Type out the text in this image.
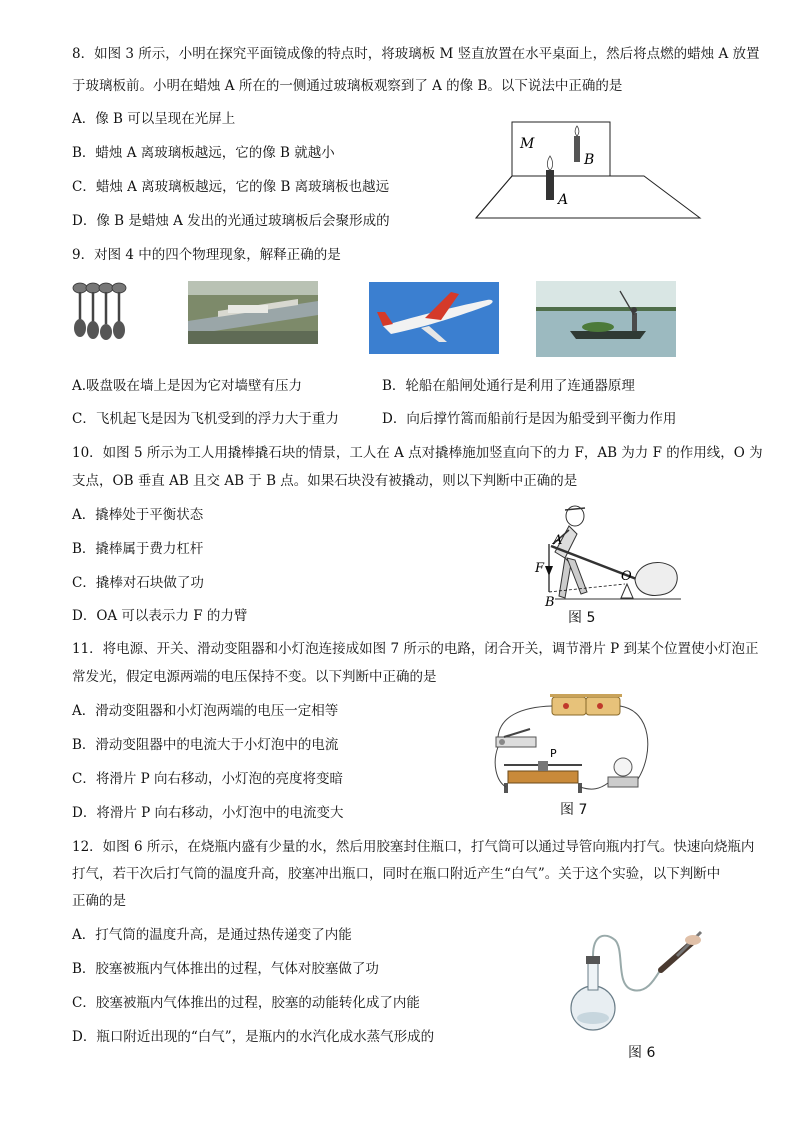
8．如图 3 所示，小明在探究平面镜成像的特点时，将玻璃板 M 竖直放置在水平桌面上，然后将点燃的蜡烛 A 放置
于玻璃板前。小明在蜡烛 A 所在的一侧通过玻璃板观察到了 A 的像 B。以下说法中正确的是
A．像 B 可以呈现在光屏上
B．蜡烛 A 离玻璃板越远，它的像 B 就越小
C．蜡烛 A 离玻璃板越远，它的像 B 离玻璃板也越远
D．像 B 是蜡烛 A 发出的光通过玻璃板后会聚形成的
M
B
A
9．对图 4 中的四个物理现象，解释正确的是
A.吸盘吸在墙上是因为它对墙壁有压力	B．轮船在船闸处通行是利用了连通器原理
C．飞机起飞是因为飞机受到的浮力大于重力	D．向后撑竹篙而船前行是因为船受到平衡力作用
10．如图 5 所示为工人用撬棒撬石块的情景，工人在 A 点对撬棒施加竖直向下的力 F，AB 为力 F 的作用线，O 为
支点，OB 垂直 AB 且交 AB 于 B 点。如果石块没有被撬动，则以下判断中正确的是
A．撬棒处于平衡状态
B．撬棒属于费力杠杆
C．撬棒对石块做了功
D．OA 可以表示力 F 的力臂
A
F
B
O
图 5
11．将电源、开关、滑动变阻器和小灯泡连接成如图 7 所示的电路，闭合开关，调节滑片 P 到某个位置使小灯泡正
常发光，假定电源两端的电压保持不变。以下判断中正确的是
A．滑动变阻器和小灯泡两端的电压一定相等
B．滑动变阻器中的电流大于小灯泡中的电流
C．将滑片 P 向右移动，小灯泡的亮度将变暗
D．将滑片 P 向右移动，小灯泡中的电流变大
P
图 7
12．如图 6 所示，在烧瓶内盛有少量的水，然后用胶塞封住瓶口，打气筒可以通过导管向瓶内打气。快速向烧瓶内
打气，若干次后打气筒的温度升高，胶塞冲出瓶口，同时在瓶口附近产生“白气”。关于这个实验，以下判断中
正确的是
A．打气筒的温度升高，是通过热传递变了内能
B．胶塞被瓶内气体推出的过程，气体对胶塞做了功
C．胶塞被瓶内气体推出的过程，胶塞的动能转化成了内能
D．瓶口附近出现的“白气”，是瓶内的水汽化成水蒸气形成的
图 6
